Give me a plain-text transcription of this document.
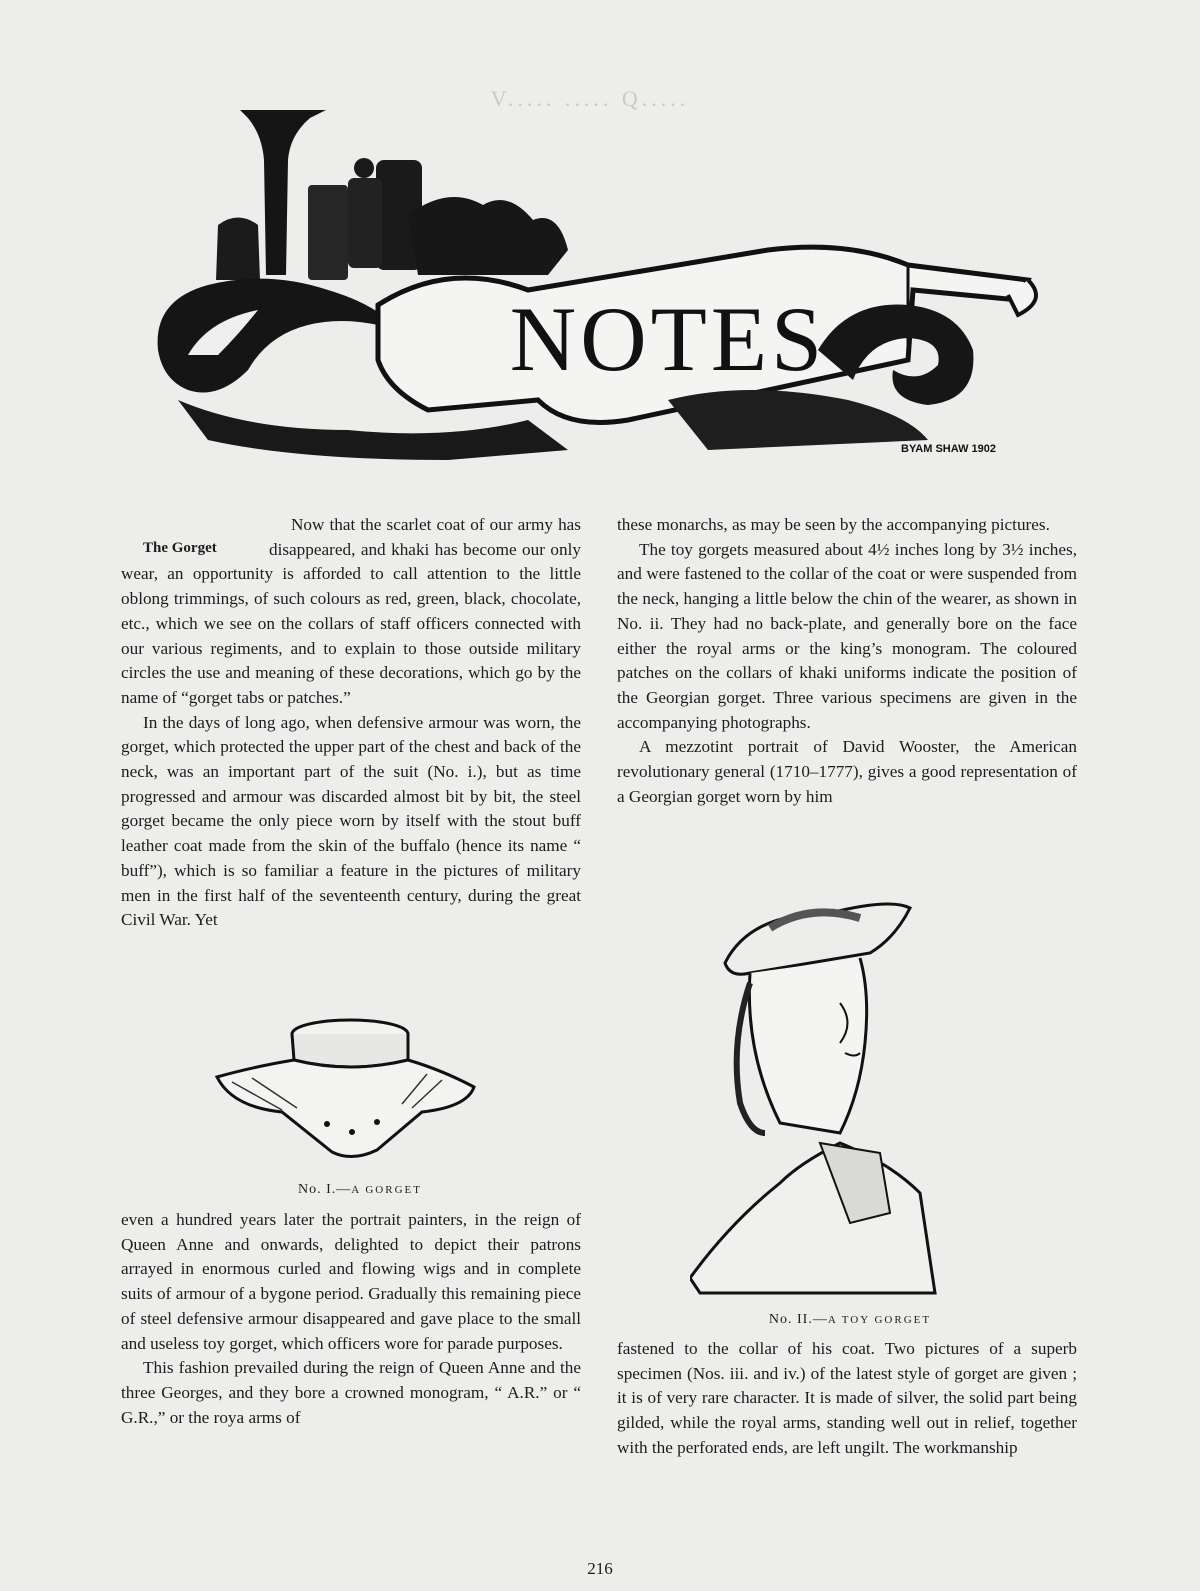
V..... ..... Q.....
NOTES
BYAM SHAW 1902

The Gorget
Now that the scarlet coat of our army has disappeared, and khaki has become our only wear, an opportunity is afforded to call attention to the little oblong trimmings, of such colours as red, green, black, chocolate, etc., which we see on the collars of staff officers connected with our various regiments, and to explain to those outside military circles the use and meaning of these decorations, which go by the name of “gorget tabs or patches.”

In the days of long ago, when defensive armour was worn, the gorget, which protected the upper part of the chest and back of the neck, was an important part of the suit (No. i.), but as time progressed and armour was discarded almost bit by bit, the steel gorget became the only piece worn by itself with the stout buff leather coat made from the skin of the buffalo (hence its name “ buff”), which is so familiar a feature in the pictures of military men in the first half of the seventeenth century, during the great Civil War. Yet

No. I.—A GORGET

even a hundred years later the portrait painters, in the reign of Queen Anne and onwards, delighted to depict their patrons arrayed in enormous curled and flowing wigs and in complete suits of armour of a bygone period. Gradually this remaining piece of steel defensive armour disappeared and gave place to the small and useless toy gorget, which officers wore for parade purposes.

This fashion prevailed during the reign of Queen Anne and the three Georges, and they bore a crowned monogram, “ A.R.” or “ G.R.,” or the roya arms of

these monarchs, as may be seen by the accompanying pictures.

The toy gorgets measured about 4½ inches long by 3½ inches, and were fastened to the collar of the coat or were suspended from the neck, hanging a little below the chin of the wearer, as shown in No. ii. They had no back-plate, and generally bore on the face either the royal arms or the king’s monogram. The coloured patches on the collars of khaki uniforms indicate the position of the Georgian gorget. Three various specimens are given in the accompanying photographs.

A mezzotint portrait of David Wooster, the American revolutionary general (1710–1777), gives a good representation of a Georgian gorget worn by him

No. II.—A TOY GORGET

fastened to the collar of his coat. Two pictures of a superb specimen (Nos. iii. and iv.) of the latest style of gorget are given ; it is of very rare character. It is made of silver, the solid part being gilded, while the royal arms, standing well out in relief, together with the perforated ends, are left ungilt. The workmanship

216
